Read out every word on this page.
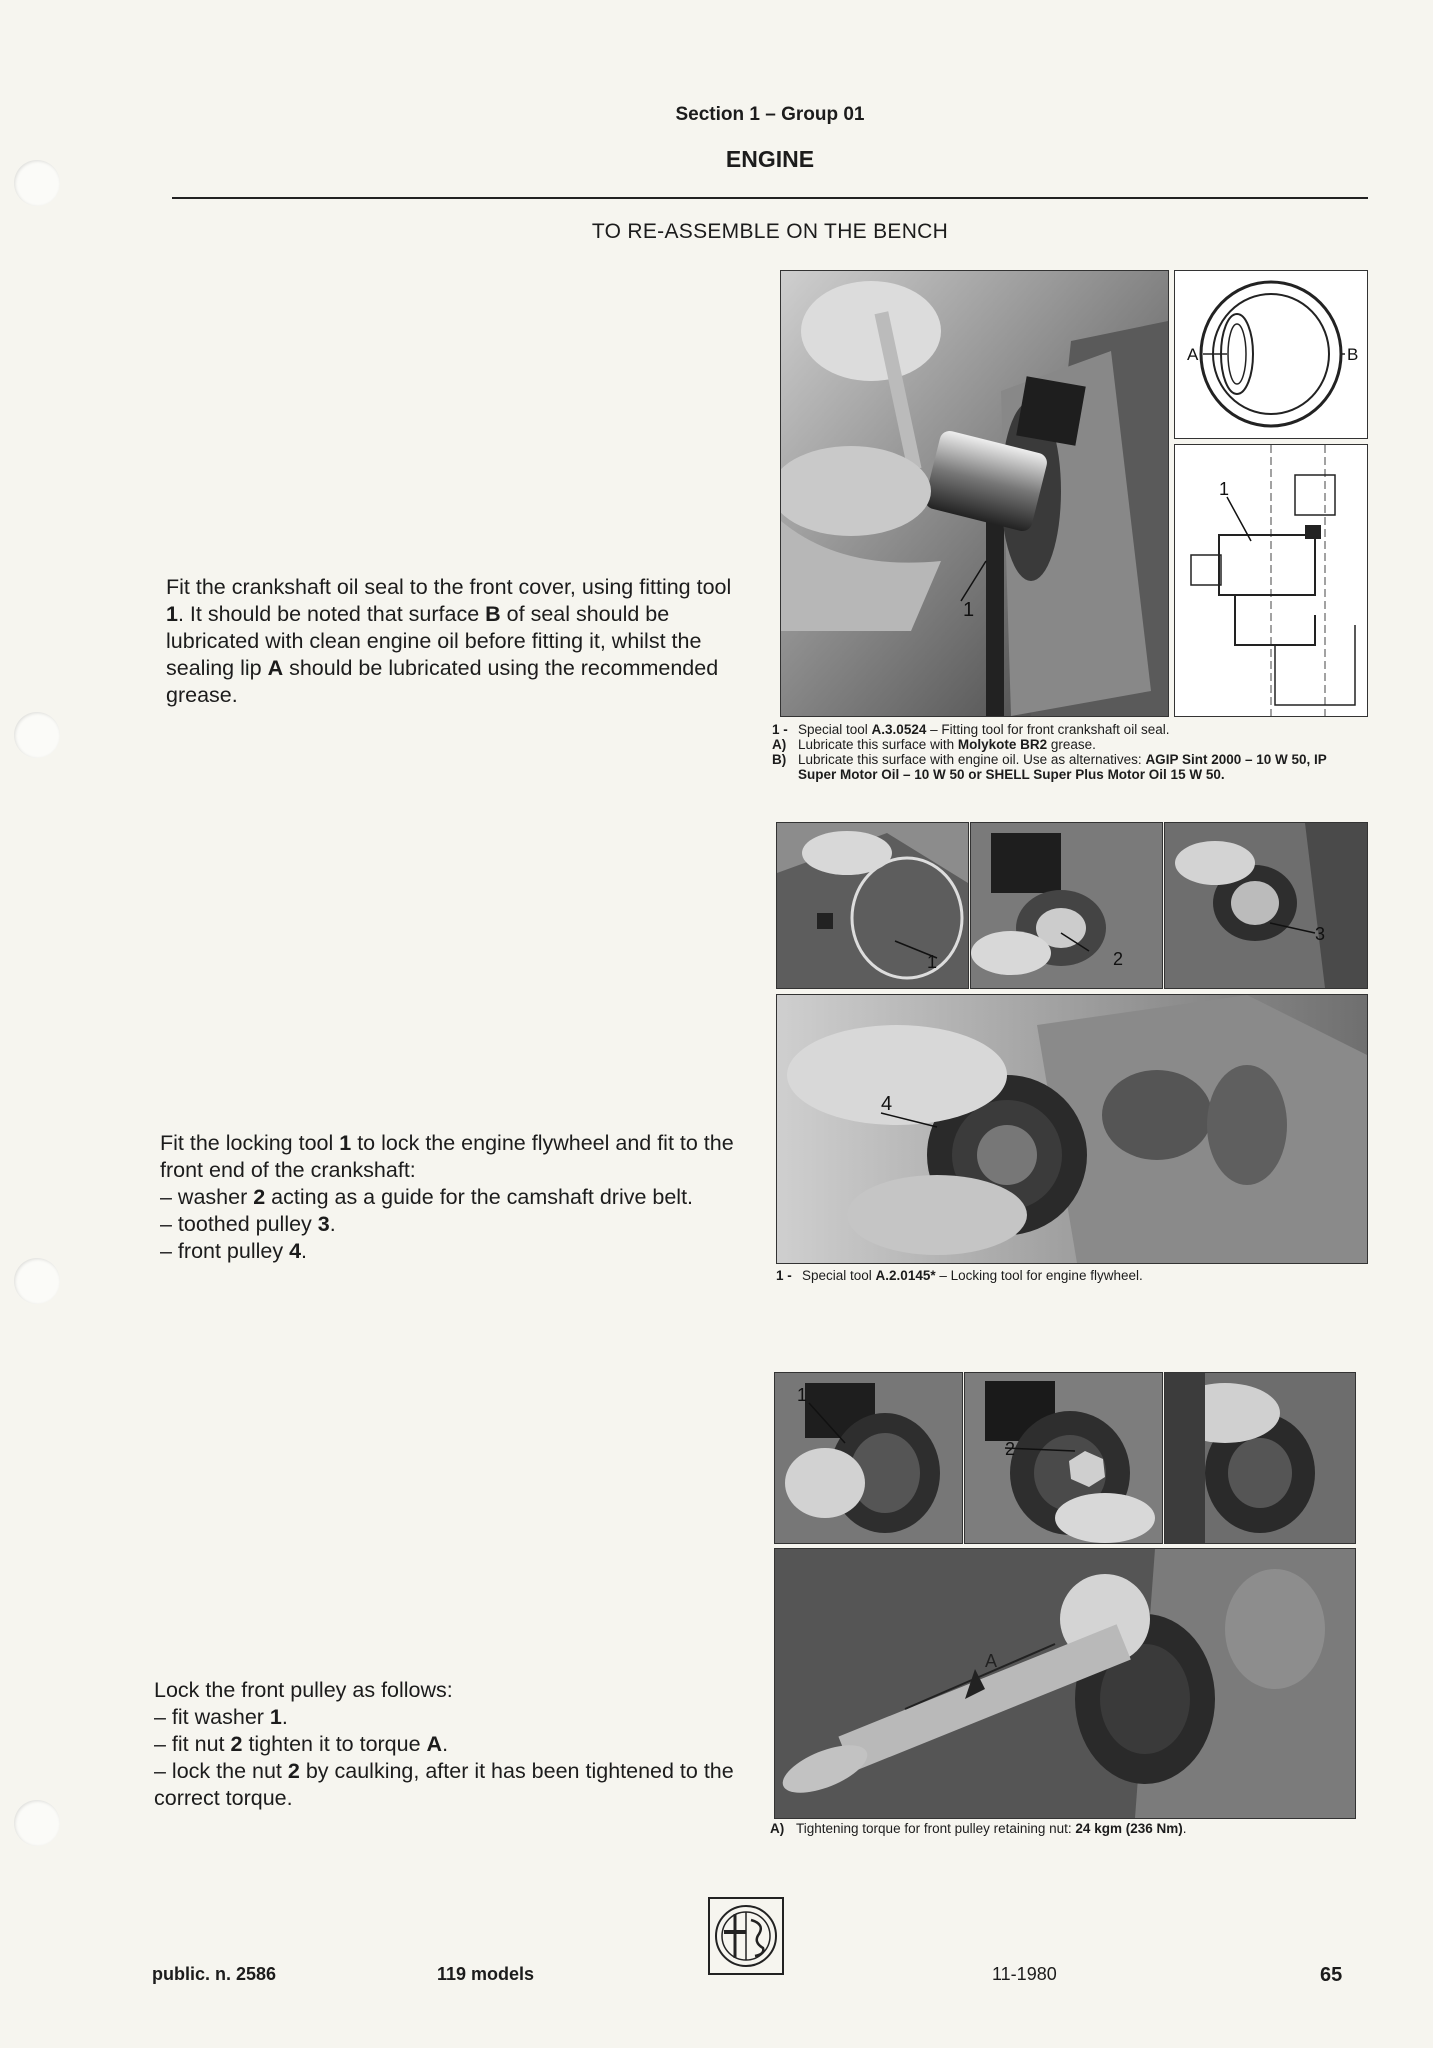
Section 1 – Group 01
ENGINE
TO RE-ASSEMBLE ON THE BENCH

Fit the crankshaft oil seal to the front cover, using fitting tool 1. It should be noted that surface B of seal should be lubricated with clean engine oil before fitting it, whilst the sealing lip A should be lubricated using the recommended grease.

1
A	B
1
1 - Special tool A.3.0524 – Fitting tool for front crankshaft oil seal.
A) Lubricate this surface with Molykote BR2 grease.
B) Lubricate this surface with engine oil. Use as alternatives: AGIP Sint 2000 – 10 W 50, IP Super Motor Oil – 10 W 50 or SHELL Super Plus Motor Oil 15 W 50.

Fit the locking tool 1 to lock the engine flywheel and fit to the front end of the crankshaft:

– washer 2 acting as a guide for the camshaft drive belt.

– toothed pulley 3.

– front pulley 4.

1	2
3
4
1 - Special tool A.2.0145* – Locking tool for engine flywheel.

Lock the front pulley as follows:

– fit washer 1.

– fit nut 2 tighten it to torque A.

– lock the nut 2 by caulking, after it has been tightened to the correct torque.

1
2
A
A) Tightening torque for front pulley retaining nut: 24 kgm (236 Nm).
public. n. 2586	119 models	11-1980	65
